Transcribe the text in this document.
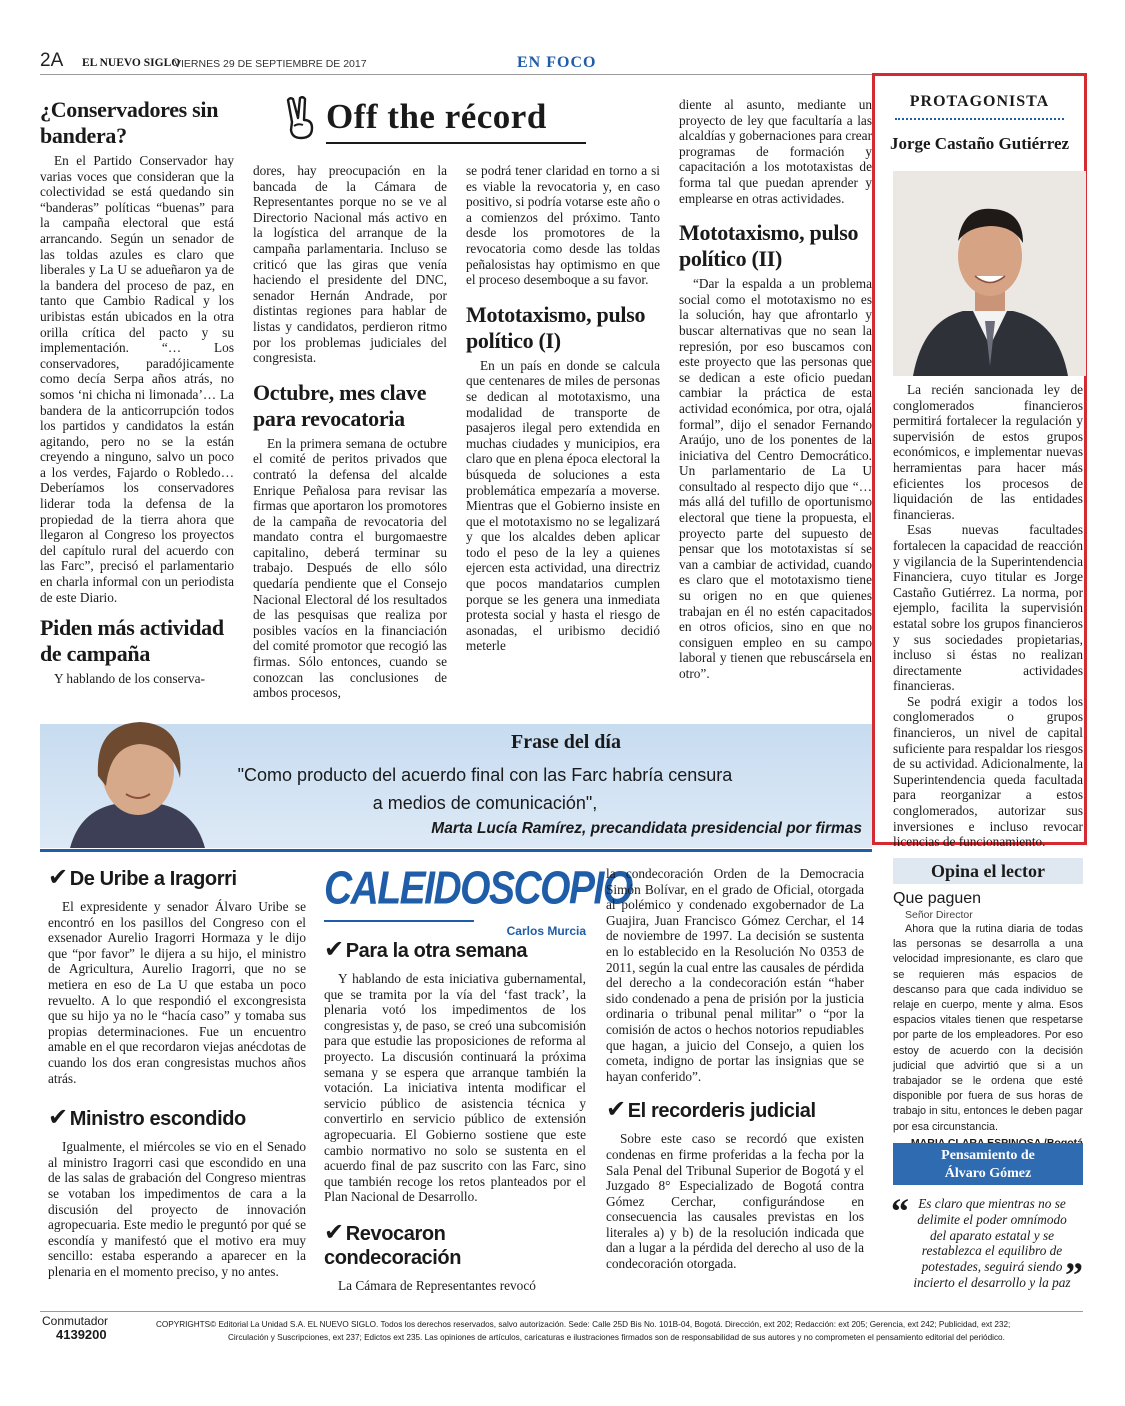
2A EL NUEVO SIGLO
VIERNES 29 DE SEPTIEMBRE DE 2017	EN FOCO
¿Conservadores sin bandera?

En el Partido Conservador hay varias voces que consideran que la colectividad se está quedando sin “banderas” políticas “buenas” para la campaña electoral que está arrancando. Según un senador de las toldas azules es claro que liberales y La U se adueñaron ya de la bandera del proceso de paz, en tanto que Cambio Radical y los uribistas están ubicados en la otra orilla crítica del pacto y su implementación. “… Los conservadores, paradójicamente como decía Serpa años atrás, no somos ‘ni chicha ni limonada’… La bandera de la anticorrupción todos los partidos y candidatos la están agitando, pero no se la están creyendo a ninguno, salvo un poco a los verdes, Fajardo o Robledo… Deberíamos los conservadores liderar toda la defensa de la propiedad de la tierra ahora que llegaron al Congreso los proyectos del capítulo rural del acuerdo con las Farc”, precisó el parlamentario en charla informal con un periodista de este Diario.

Piden más actividad de campaña

Y hablando de los conserva-

Off the récord

dores, hay preocupación en la bancada de la Cámara de Representantes porque no se ve al Directorio Nacional más activo en la logística del arranque de la campaña parlamentaria. Incluso se criticó que las giras que venía haciendo el presidente del DNC, senador Hernán Andrade, por distintas regiones para hablar de listas y candidatos, perdieron ritmo por los problemas judiciales del congresista.

Octubre, mes clave para revocatoria

En la primera semana de octubre el comité de peritos privados que contrató la defensa del alcalde Enrique Peñalosa para revisar las firmas que aportaron los promotores de la campaña de revocatoria del mandato contra el burgomaestre capitalino, deberá terminar su trabajo. Después de ello sólo quedaría pendiente que el Consejo Nacional Electoral dé los resultados de las pesquisas que realiza por posibles vacíos en la financiación del comité promotor que recogió las firmas. Sólo entonces, cuando se conozcan las conclusiones de ambos procesos,

se podrá tener claridad en torno a si es viable la revocatoria y, en caso positivo, si podría votarse este año o a comienzos del próximo. Tanto desde los promotores de la revocatoria como desde las toldas peñalosistas hay optimismo en que el proceso desemboque a su favor.

Mototaxismo, pulso político (I)

En un país en donde se calcula que centenares de miles de personas se dedican al mototaxismo, una modalidad de transporte de pasajeros ilegal pero extendida en muchas ciudades y municipios, era claro que en plena época electoral la búsqueda de soluciones a esta problemática empezaría a moverse. Mientras que el Gobierno insiste en que el mototaxismo no se legalizará y que los alcaldes deben aplicar todo el peso de la ley a quienes ejercen esta actividad, una directriz que pocos mandatarios cumplen porque se les genera una inmediata protesta social y hasta el riesgo de asonadas, el uribismo decidió meterle

diente al asunto, mediante un proyecto de ley que facultaría a las alcaldías y gobernaciones para crear programas de formación y capacitación a los mototaxistas de forma tal que puedan aprender y emplearse en otras actividades.

Mototaxismo, pulso político (II)

“Dar la espalda a un problema social como el mototaxismo no es la solución, hay que afrontarlo y buscar alternativas que no sean la represión, por eso buscamos con este proyecto que las personas que se dedican a este oficio puedan cambiar la práctica de esta actividad económica, por otra, ojalá formal”, dijo el senador Fernando Araújo, uno de los ponentes de la iniciativa del Centro Democrático. Un parlamentario de La U consultado al respecto dijo que “… más allá del tufillo de oportunismo electoral que tiene la propuesta, el proyecto parte del supuesto de pensar que los mototaxistas sí se van a cambiar de actividad, cuando es claro que el mototaxismo tiene su origen no en que quienes trabajan en él no estén capacitados en otros oficios, sino en que no consiguen empleo en su campo laboral y tienen que rebuscársela en otro”.

PROTAGONISTA
Jorge Castaño Gutiérrez

La recién sancionada ley de conglomerados financieros permitirá fortalecer la regulación y supervisión de estos grupos económicos, e implementar nuevas herramientas para hacer más eficientes los procesos de liquidación de las entidades financieras.

Esas nuevas facultades fortalecen la capacidad de reacción y vigilancia de la Superintendencia Financiera, cuyo titular es Jorge Castaño Gutiérrez. La norma, por ejemplo, facilita la supervisión estatal sobre los grupos financieros y sus sociedades propietarias, incluso si éstas no realizan directamente actividades financieras.

Se podrá exigir a todos los conglomerados o grupos financieros, un nivel de capital suficiente para respaldar los riesgos de su actividad. Adicionalmente, la Superintendencia queda facultada para reorganizar a estos conglomerados, autorizar sus inversiones e incluso revocar licencias de funcionamiento.

Frase del día
"Como producto del acuerdo final con las Farc habría censura
a medios de comunicación",
Marta Lucía Ramírez, precandidata presidencial por firmas
✔ De Uribe a Iragorri

El expresidente y senador Álvaro Uribe se encontró en los pasillos del Congreso con el exsenador Aurelio Iragorri Hormaza y le dijo que “por favor” le dijera a su hijo, el ministro de Agricultura, Aurelio Iragorri, que no se metiera en eso de La U que estaba un poco revuelto. A lo que respondió el excongresista que su hijo ya no le “hacía caso” y tomaba sus propias determinaciones. Fue un encuentro amable en el que recordaron viejas anécdotas de cuando los dos eran congresistas muchos años atrás.

✔ Ministro escondido

Igualmente, el miércoles se vio en el Senado al ministro Iragorri casi que escondido en una de las salas de grabación del Congreso mientras se votaban los impedimentos de cara a la discusión del proyecto de innovación agropecuaria. Este medio le preguntó por qué se escondía y manifestó que el motivo era muy sencillo: estaba esperando a aparecer en la plenaria en el momento preciso, y no antes.

CALEIDOSCOPIO
Carlos Murcia
✔ Para la otra semana

Y hablando de esta iniciativa gubernamental, que se tramita por la vía del ‘fast track’, la plenaria votó los impedimentos de los congresistas y, de paso, se creó una subcomisión para que estudie las proposiciones de reforma al proyecto. La discusión continuará la próxima semana y se espera que arranque también la votación. La iniciativa intenta modificar el servicio público de asistencia técnica y convertirlo en servicio público de extensión agropecuaria. El Gobierno sostiene que este cambio normativo no solo se sustenta en el acuerdo final de paz suscrito con las Farc, sino que también recoge los retos planteados por el Plan Nacional de Desarrollo.

✔ Revocaron condecoración

La Cámara de Representantes revocó

la condecoración Orden de la Democracia Simón Bolívar, en el grado de Oficial, otorgada al polémico y condenado exgobernador de La Guajira, Juan Francisco Gómez Cerchar, el 14 de noviembre de 1997. La decisión se sustenta en lo establecido en la Resolución No 0353 de 2011, según la cual entre las causales de pérdida del derecho a la condecoración están “haber sido condenado a pena de prisión por la justicia ordinaria o tribunal penal militar” o “por la comisión de actos o hechos notorios repudiables que hagan, a juicio del Consejo, a quien los cometa, indigno de portar las insignias que se hayan conferido”.

✔ El recorderis judicial

Sobre este caso se recordó que existen condenas en firme proferidas a la fecha por la Sala Penal del Tribunal Superior de Bogotá y el Juzgado 8° Especializado de Bogotá contra Gómez Cerchar, configurándose en consecuencia las causales previstas en los literales a) y b) de la resolución indicada que dan a lugar a la pérdida del derecho al uso de la condecoración otorgada.

Opina el lector
Que paguen
Señor Director
Ahora que la rutina diaria de todas las personas se desarrolla a una velocidad impresionante, es claro que se requieren más espacios de descanso para que cada individuo se relaje en cuerpo, mente y alma. Esos espacios vitales tienen que respetarse por parte de los empleadores. Por eso estoy de acuerdo con la decisión judicial que advirtió que si a un trabajador se le ordena que esté disponible por fuera de sus horas de trabajo in situ, entonces le deben pagar por esa circunstancia.
Pensamiento de
Álvaro Gómez
“ Es claro que mientras no se delimite el poder omnímodo del aparato estatal y se restablezca el equilibro de potestades, seguirá siendo incierto el desarrollo y la paz
”
Conmutador
4139200
COPYRIGHTS© Editorial La Unidad S.A. EL NUEVO SIGLO. Todos los derechos reservados, salvo autorización. Sede: Calle 25D Bis No. 101B-04, Bogotá. Dirección, ext 202; Redacción: ext 205; Gerencia, ext 242; Publicidad, ext 232;
Circulación y Suscripciones, ext 237; Edictos ext 235. Las opiniones de artículos, caricaturas e ilustraciones firmados son de responsabilidad de sus autores y no comprometen el pensamiento editorial del periódico.
